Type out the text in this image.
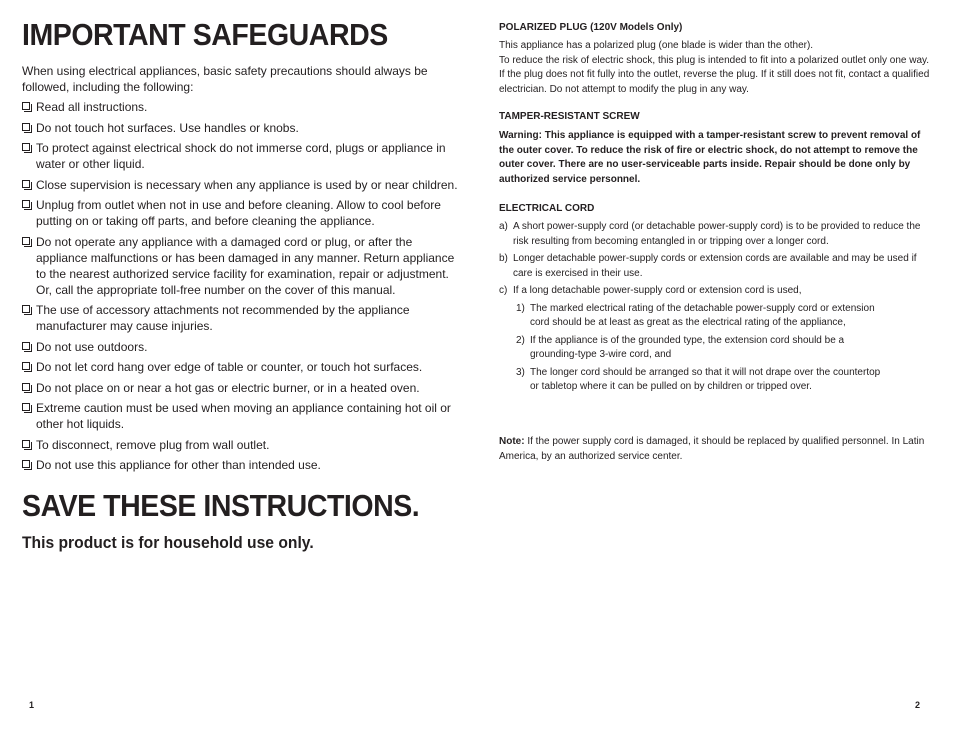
IMPORTANT SAFEGUARDS

When using electrical appliances, basic safety precautions should always be followed, including the following:

Read all instructions.
Do not touch hot surfaces. Use handles or knobs.
To protect against electrical shock do not immerse cord, plugs or appliance in water or other liquid.
Close supervision is necessary when any appliance is used by or near children.
Unplug from outlet when not in use and before cleaning. Allow to cool before putting on or taking off parts, and before cleaning the appliance.
Do not operate any appliance with a damaged cord or plug, or after the appliance malfunctions or has been damaged in any manner. Return appliance to the nearest authorized service facility for examination, repair or adjustment. Or, call the appropriate toll-free number on the cover of this manual.
The use of accessory attachments not recommended by the appliance manufacturer may cause injuries.
Do not use outdoors.
Do not let cord hang over edge of table or counter, or touch hot surfaces.
Do not place on or near a hot gas or electric burner, or in a heated oven.
Extreme caution must be used when moving an appliance containing hot oil or other hot liquids.
To disconnect, remove plug from wall outlet.
Do not use this appliance for other than intended use.
SAVE THESE INSTRUCTIONS.
This product is for household use only.
1

POLARIZED PLUG (120V Models Only)

This appliance has a polarized plug (one blade is wider than the other).

To reduce the risk of electric shock, this plug is intended to fit into a polarized outlet only one way. If the plug does not fit fully into the outlet, reverse the plug. If it still does not fit, contact a qualified electrician. Do not attempt to modify the plug in any way.

TAMPER-RESISTANT SCREW

Warning: This appliance is equipped with a tamper-resistant screw to prevent removal of the outer cover. To reduce the risk of fire or electric shock, do not attempt to remove the outer cover. There are no user-serviceable parts inside. Repair should be done only by authorized service personnel.

ELECTRICAL CORD

a) A short power-supply cord (or detachable power-supply cord) is to be provided to reduce the risk resulting from becoming entangled in or tripping over a longer cord.

b) Longer detachable power-supply cords or extension cords are available and may be used if care is exercised in their use.

c) If a long detachable power-supply cord or extension cord is used,

1) The marked electrical rating of the detachable power-supply cord or extension cord should be at least as great as the electrical rating of the appliance,

2) If the appliance is of the grounded type, the extension cord should be a grounding-type 3-wire cord, and

3) The longer cord should be arranged so that it will not drape over the countertop or tabletop where it can be pulled on by children or tripped over.

Note: If the power supply cord is damaged, it should be replaced by qualified personnel. In Latin America, by an authorized service center.

2
